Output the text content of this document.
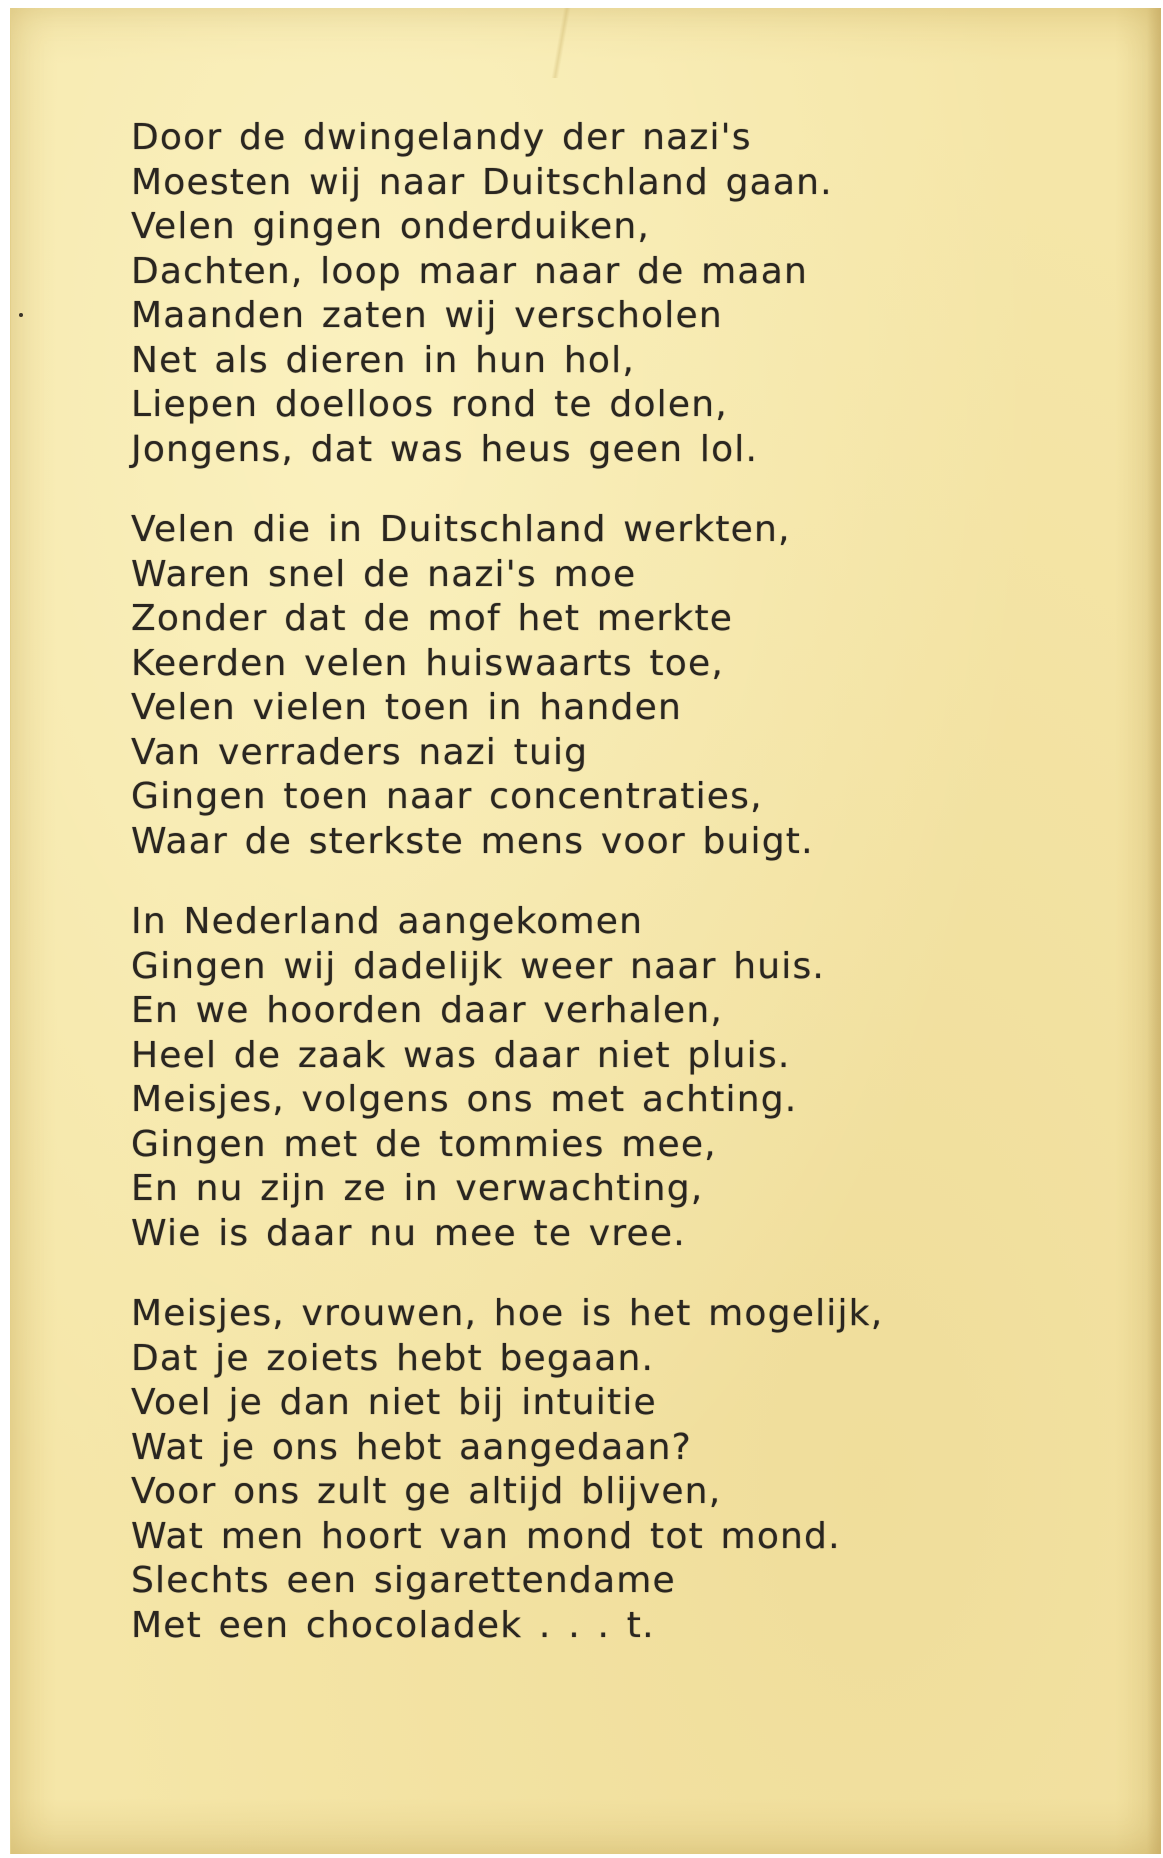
Door de dwingelandy der nazi's
Moesten wij naar Duitschland gaan.
Velen gingen onderduiken,
Dachten, loop maar naar de maan
Maanden zaten wij verscholen
Net als dieren in hun hol,
Liepen doelloos rond te dolen,
Jongens, dat was heus geen lol.
Velen die in Duitschland werkten,
Waren snel de nazi's moe
Zonder dat de mof het merkte
Keerden velen huiswaarts toe,
Velen vielen toen in handen
Van verraders nazi tuig
Gingen toen naar concentraties,
Waar de sterkste mens voor buigt.
In Nederland aangekomen
Gingen wij dadelijk weer naar huis.
En we hoorden daar verhalen,
Heel de zaak was daar niet pluis.
Meisjes, volgens ons met achting.
Gingen met de tommies mee,
En nu zijn ze in verwachting,
Wie is daar nu mee te vree.
Meisjes, vrouwen, hoe is het mogelijk,
Dat je zoiets hebt begaan.
Voel je dan niet bij intuitie
Wat je ons hebt aangedaan?
Voor ons zult ge altijd blijven,
Wat men hoort van mond tot mond.
Slechts een sigarettendame
Met een chocoladek . . . t.
